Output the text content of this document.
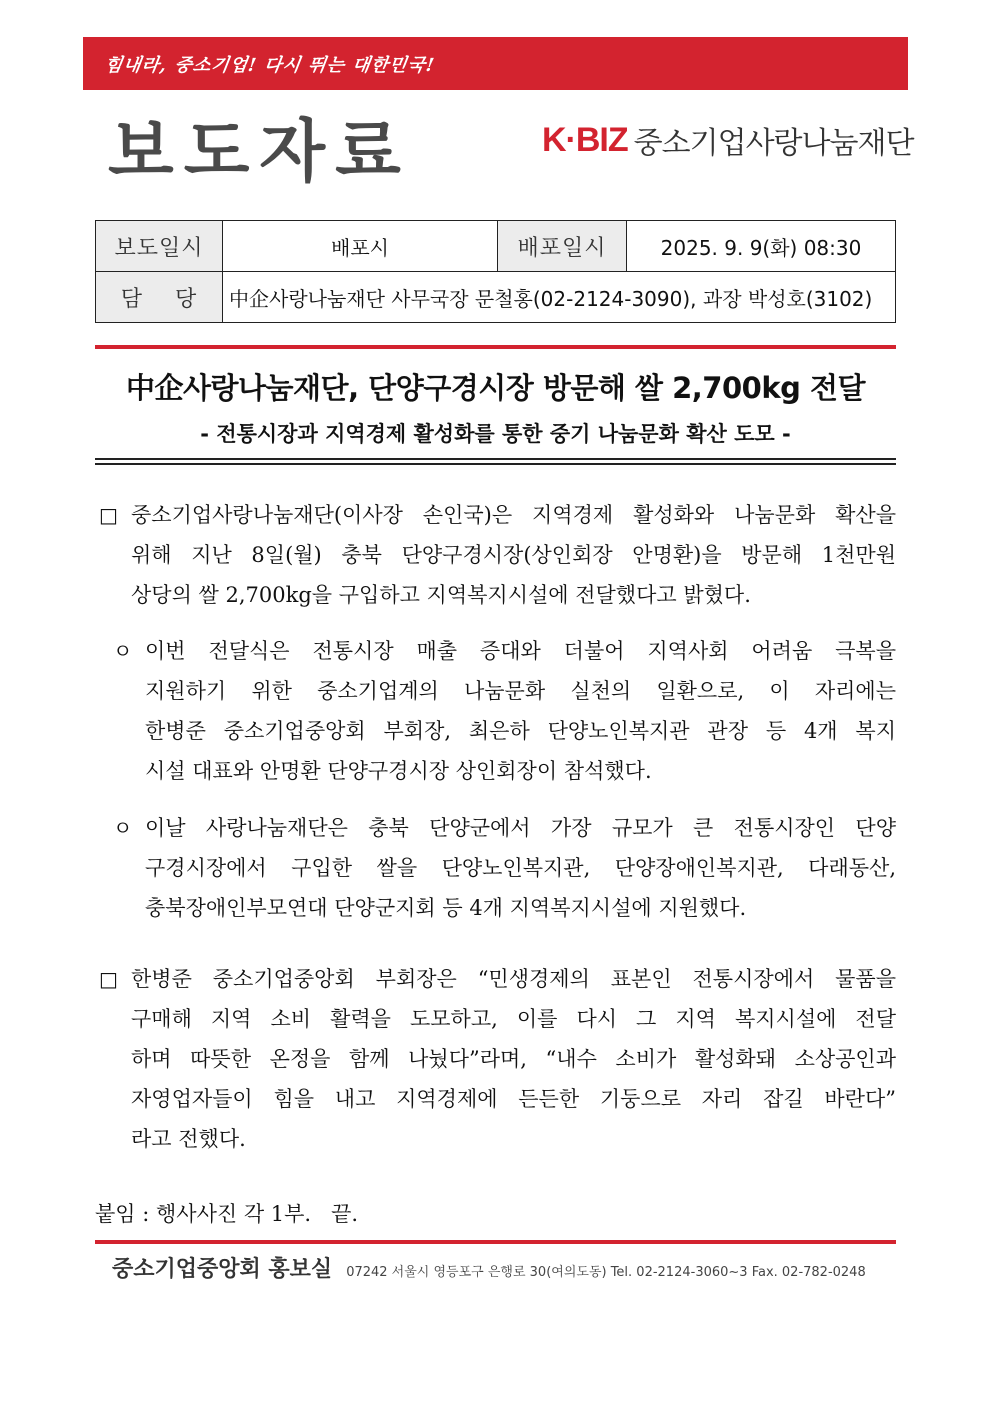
힘내라, 중소기업! 다시 뛰는 대한민국!
보도자료	K·BIZ 중소기업사랑나눔재단
보도일시	배포시	배포일시	2025. 9. 9(화) 08:30
담    당	中企사랑나눔재단 사무국장 문철홍(02-2124-3090), 과장 박성호(3102)		
中企사랑나눔재단, 단양구경시장 방문해 쌀 2,700kg 전달
- 전통시장과 지역경제 활성화를 통한 중기 나눔문화 확산 도모 -
□ 중소기업사랑나눔재단(이사장 손인국)은 지역경제 활성화와 나눔문화 확산을
위해 지난 8일(월) 충북 단양구경시장(상인회장 안명환)을 방문해 1천만원
상당의 쌀 2,700kg을 구입하고 지역복지시설에 전달했다고 밝혔다.
ㅇ 이번 전달식은 전통시장 매출 증대와 더불어 지역사회 어려움 극복을
지원하기 위한 중소기업계의 나눔문화 실천의 일환으로, 이 자리에는
한병준 중소기업중앙회 부회장, 최은하 단양노인복지관 관장 등 4개 복지
시설 대표와 안명환 단양구경시장 상인회장이 참석했다.
ㅇ 이날 사랑나눔재단은 충북 단양군에서 가장 규모가 큰 전통시장인 단양
구경시장에서 구입한 쌀을 단양노인복지관, 단양장애인복지관, 다래동산,
충북장애인부모연대 단양군지회 등 4개 지역복지시설에 지원했다.
□ 한병준 중소기업중앙회 부회장은 “민생경제의 표본인 전통시장에서 물품을
구매해 지역 소비 활력을 도모하고, 이를 다시 그 지역 복지시설에 전달
하며 따뜻한 온정을 함께 나눴다”라며, “내수 소비가 활성화돼 소상공인과
자영업자들이 힘을 내고 지역경제에 든든한 기둥으로 자리 잡길 바란다”
라고 전했다.
붙임 : 행사사진 각 1부.   끝.
중소기업중앙회 홍보실 07242 서울시 영등포구 은행로 30(여의도동) Tel. 02-2124-3060~3 Fax. 02-782-0248
